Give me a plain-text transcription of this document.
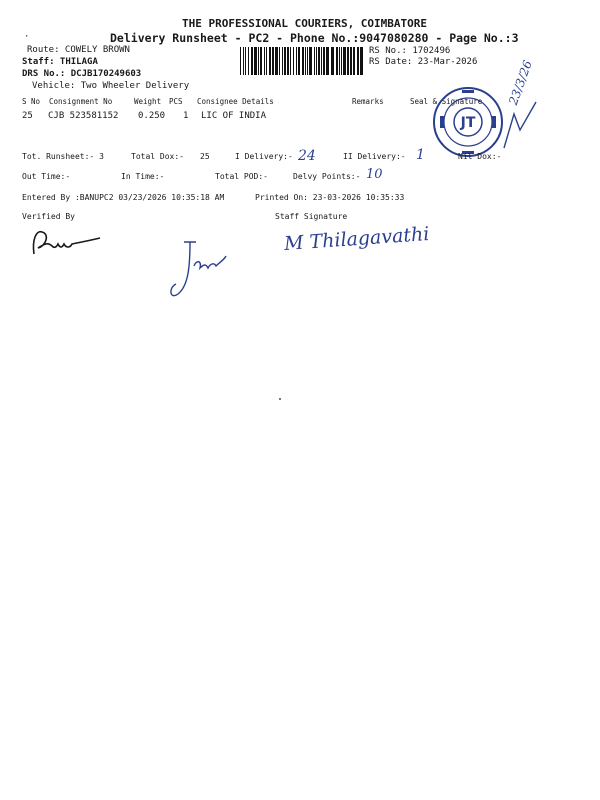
THE PROFESSIONAL COURIERS, COIMBATORE
Delivery Runsheet - PC2 - Phone No.:9047080280 - Page No.:3
·
Route: COWELY BROWN
Staff: THILAGA
DRS No.: DCJB170249603
Vehicle: Two Wheeler Delivery
RS No.: 1702496
RS Date: 23-Mar-2026
S No Consignment No	Weight PCS Consignee Details	Remarks	Seal & Signature
25 CJB 523581152 0.250 1 LIC OF INDIA	JT
23/3/26
Tot. Runsheet:- 3	Total Dox:- 25	I Delivery:- 24	II Delivery:- 1	Nil Dox:-
Out Time:-	In Time:-	Total POD:-	Delvy Points:- 10
Entered By :BANUPC2 03/23/2026 10:35:18 AM	Printed On: 23-03-2026 10:35:33
Verified By	Staff Signature
M Thilagavathi
